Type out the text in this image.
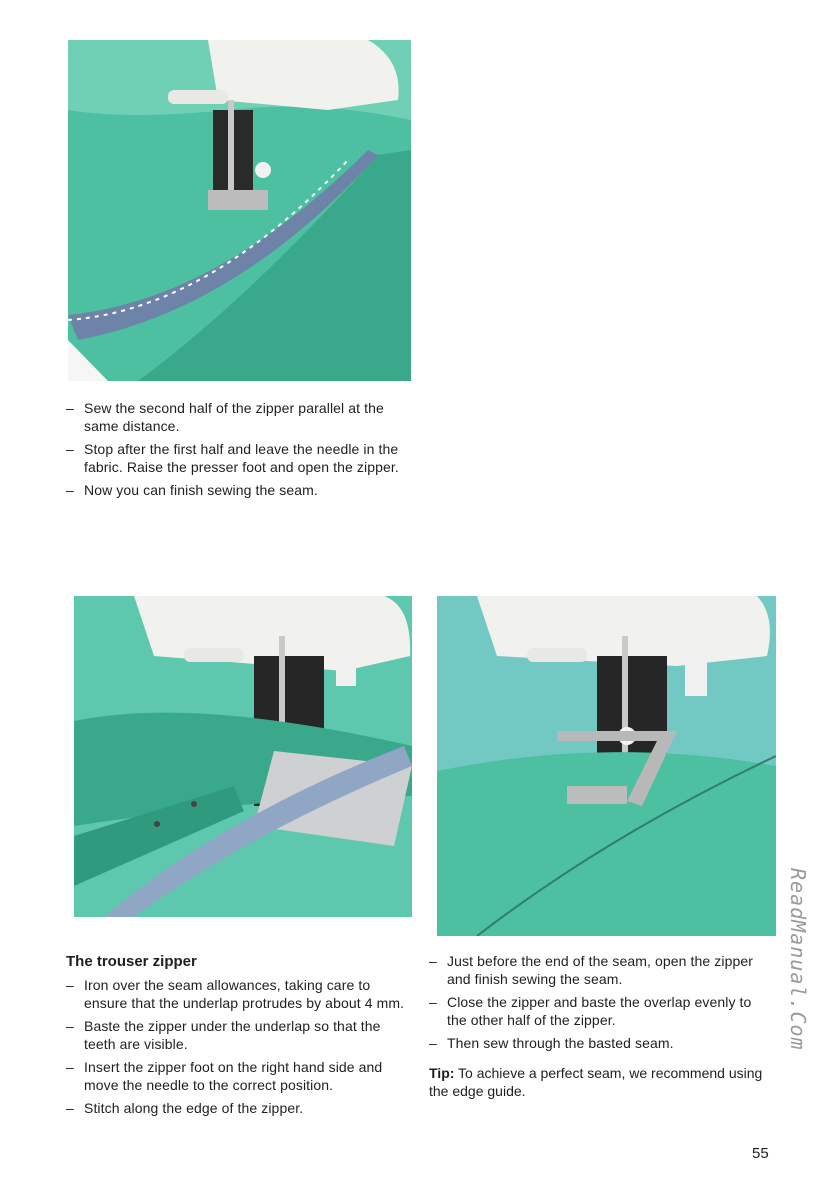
– Sew the second half of the zipper parallel at the same distance.
– Stop after the first half and leave the needle in the fabric. Raise the presser foot and open the zipper.
– Now you can finish sewing the seam.
The trouser zipper
– Iron over the seam allowances, taking care to ensure that the underlap protrudes by about 4 mm.
– Baste the zipper under the underlap so that the teeth are visible.
– Insert the zipper foot on the right hand side and move the needle to the correct position.
– Stitch along the edge of the zipper.
– Just before the end of the seam, open the zipper and finish sewing the seam.
– Close the zipper and baste the overlap evenly to the other half of the zipper.
– Then sew through the basted seam.

Tip: To achieve a perfect seam, we recommend using the edge guide.

55
ReadManual.Com
